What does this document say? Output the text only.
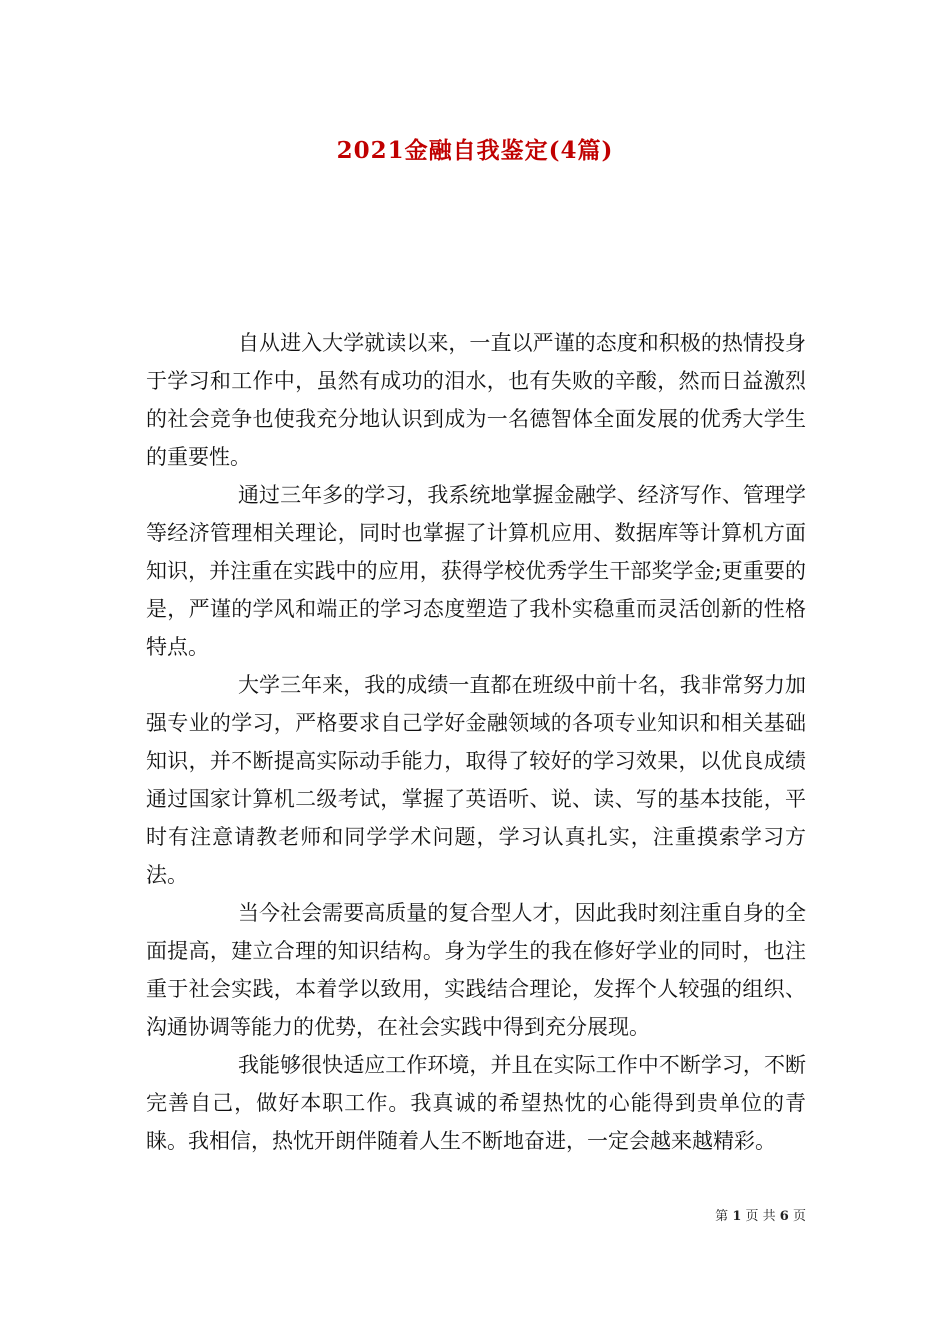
2021金融自我鉴定(4篇)

自从进入大学就读以来，一直以严谨的态度和积极的热情投身于学习和工作中，虽然有成功的泪水，也有失败的辛酸，然而日益激烈的社会竞争也使我充分地认识到成为一名德智体全面发展的优秀大学生的重要性。

通过三年多的学习，我系统地掌握金融学、经济写作、管理学等经济管理相关理论，同时也掌握了计算机应用、数据库等计算机方面知识，并注重在实践中的应用，获得学校优秀学生干部奖学金;更重要的是，严谨的学风和端正的学习态度塑造了我朴实稳重而灵活创新的性格特点。

大学三年来，我的成绩一直都在班级中前十名，我非常努力加强专业的学习，严格要求自己学好金融领域的各项专业知识和相关基础知识，并不断提高实际动手能力，取得了较好的学习效果，以优良成绩通过国家计算机二级考试，掌握了英语听、说、读、写的基本技能，平时有注意请教老师和同学学术问题，学习认真扎实，注重摸索学习方法。

当今社会需要高质量的复合型人才，因此我时刻注重自身的全面提高，建立合理的知识结构。身为学生的我在修好学业的同时，也注重于社会实践，本着学以致用，实践结合理论，发挥个人较强的组织、沟通协调等能力的优势，在社会实践中得到充分展现。

我能够很快适应工作环境，并且在实际工作中不断学习，不断完善自己，做好本职工作。我真诚的希望热忱的心能得到贵单位的青睐。我相信，热忱开朗伴随着人生不断地奋进，一定会越来越精彩。

第 1 页 共 6 页
